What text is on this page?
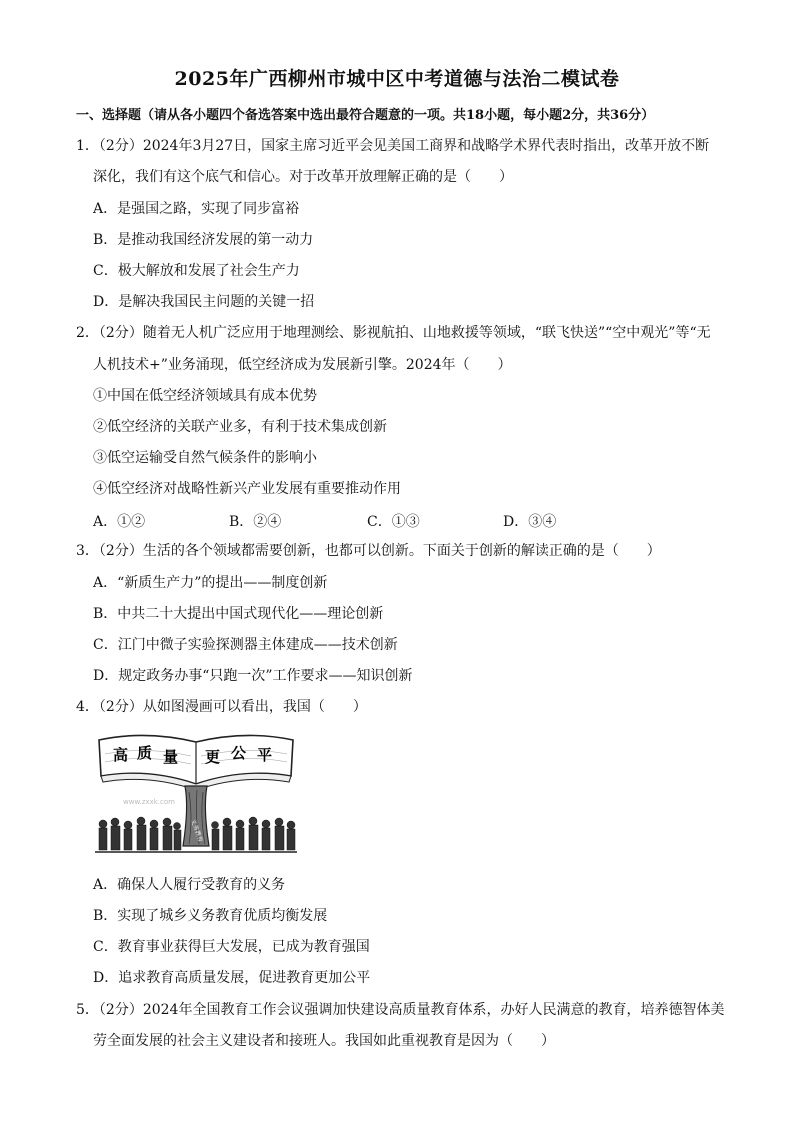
2025年广西柳州市城中区中考道德与法治二模试卷
一、选择题（请从各小题四个备选答案中选出最符合题意的一项。共18小题，每小题2分，共36分）
1．（2分）2024年3月27日，国家主席习近平会见美国工商界和战略学术界代表时指出，改革开放不断
深化，我们有这个底气和信心。对于改革开放理解正确的是（　　）
A．是强国之路，实现了同步富裕
B．是推动我国经济发展的第一动力
C．极大解放和发展了社会生产力
D．是解决我国民主问题的关键一招
2．（2分）随着无人机广泛应用于地理测绘、影视航拍、山地救援等领域，“联飞快送”“空中观光”等“无
人机技术+”业务涌现，低空经济成为发展新引擎。2024年（　　）
①中国在低空经济领域具有成本优势
②低空经济的关联产业多，有利于技术集成创新
③低空运输受自然气候条件的影响小
④低空经济对战略性新兴产业发展有重要推动作用
A．①②	B．②④	C．①③	D．③④
3．（2分）生活的各个领域都需要创新，也都可以创新。下面关于创新的解读正确的是（　　）
A．“新质生产力”的提出——制度创新
B．中共二十大提出中国式现代化——理论创新
C．江门中微子实验探测器主体建成——技术创新
D．规定政务办事“只跑一次”工作要求——知识创新
4．（2分）从如图漫画可以看出，我国（　　）
高 质 量 更 公 平
www.zxxk.com
义务教育
A．确保人人履行受教育的义务
B．实现了城乡义务教育优质均衡发展
C．教育事业获得巨大发展，已成为教育强国
D．追求教育高质量发展，促进教育更加公平
5．（2分）2024年全国教育工作会议强调加快建设高质量教育体系，办好人民满意的教育，培养德智体美
劳全面发展的社会主义建设者和接班人。我国如此重视教育是因为（　　）
